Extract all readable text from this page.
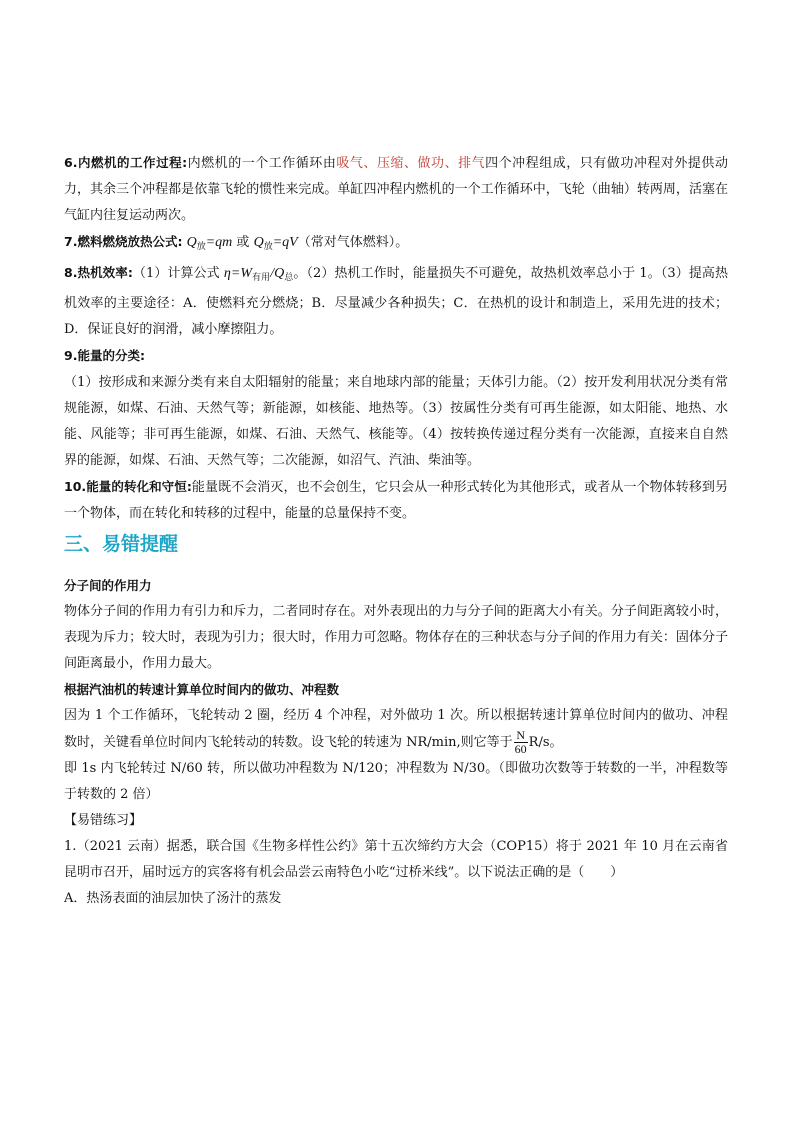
6.内燃机的工作过程:内燃机的一个工作循环由吸气、压缩、做功、排气四个冲程组成，只有做功冲程对外提供动力，其余三个冲程都是依靠飞轮的惯性来完成。单缸四冲程内燃机的一个工作循环中，飞轮（曲轴）转两周，活塞在气缸内往复运动两次。

7.燃料燃烧放热公式: $Q_放=qm$ 或 $Q_放=qV$（常对气体燃料）。

8.热机效率:（1）计算公式 $\eta=W_{有用}/Q_总$。（2）热机工作时，能量损失不可避免，故热机效率总小于 1。（3）提高热机效率的主要途径：A．使燃料充分燃烧；B．尽量减少各种损失；C．在热机的设计和制造上，采用先进的技术；D．保证良好的润滑，减小摩擦阻力。

9.能量的分类:

（1）按形成和来源分类有来自太阳辐射的能量；来自地球内部的能量；天体引力能。（2）按开发利用状况分类有常规能源，如煤、石油、天然气等；新能源，如核能、地热等。（3）按属性分类有可再生能源，如太阳能、地热、水能、风能等；非可再生能源，如煤、石油、天然气、核能等。（4）按转换传递过程分类有一次能源，直接来自自然界的能源，如煤、石油、天然气等；二次能源，如沼气、汽油、柴油等。

10.能量的转化和守恒:能量既不会消灭，也不会创生，它只会从一种形式转化为其他形式，或者从一个物体转移到另一个物体，而在转化和转移的过程中，能量的总量保持不变。

三、易错提醒

分子间的作用力

物体分子间的作用力有引力和斥力，二者同时存在。对外表现出的力与分子间的距离大小有关。分子间距离较小时，表现为斥力；较大时，表现为引力；很大时，作用力可忽略。物体存在的三种状态与分子间的作用力有关：固体分子间距离最小，作用力最大。

根据汽油机的转速计算单位时间内的做功、冲程数

因为 1 个工作循环，飞轮转动 2 圈，经历 4 个冲程，对外做功 1 次。所以根据转速计算单位时间内的做功、冲程数时，关键看单位时间内飞轮转动的转数。设飞轮的转速为 NR/min,则它等于 $\frac{N}{60} R/s$。

即 1s 内飞轮转过 N/60 转，所以做功冲程数为 N/120；冲程数为 N/30。（即做功次数等于转数的一半，冲程数等于转数的 2 倍）

【易错练习】

1.（2021 云南）据悉，联合国《生物多样性公约》第十五次缔约方大会（COP15）将于 2021 年 10 月在云南省昆明市召开，届时远方的宾客将有机会品尝云南特色小吃“过桥米线”。以下说法正确的是（　　）

A．热汤表面的油层加快了汤汁的蒸发
